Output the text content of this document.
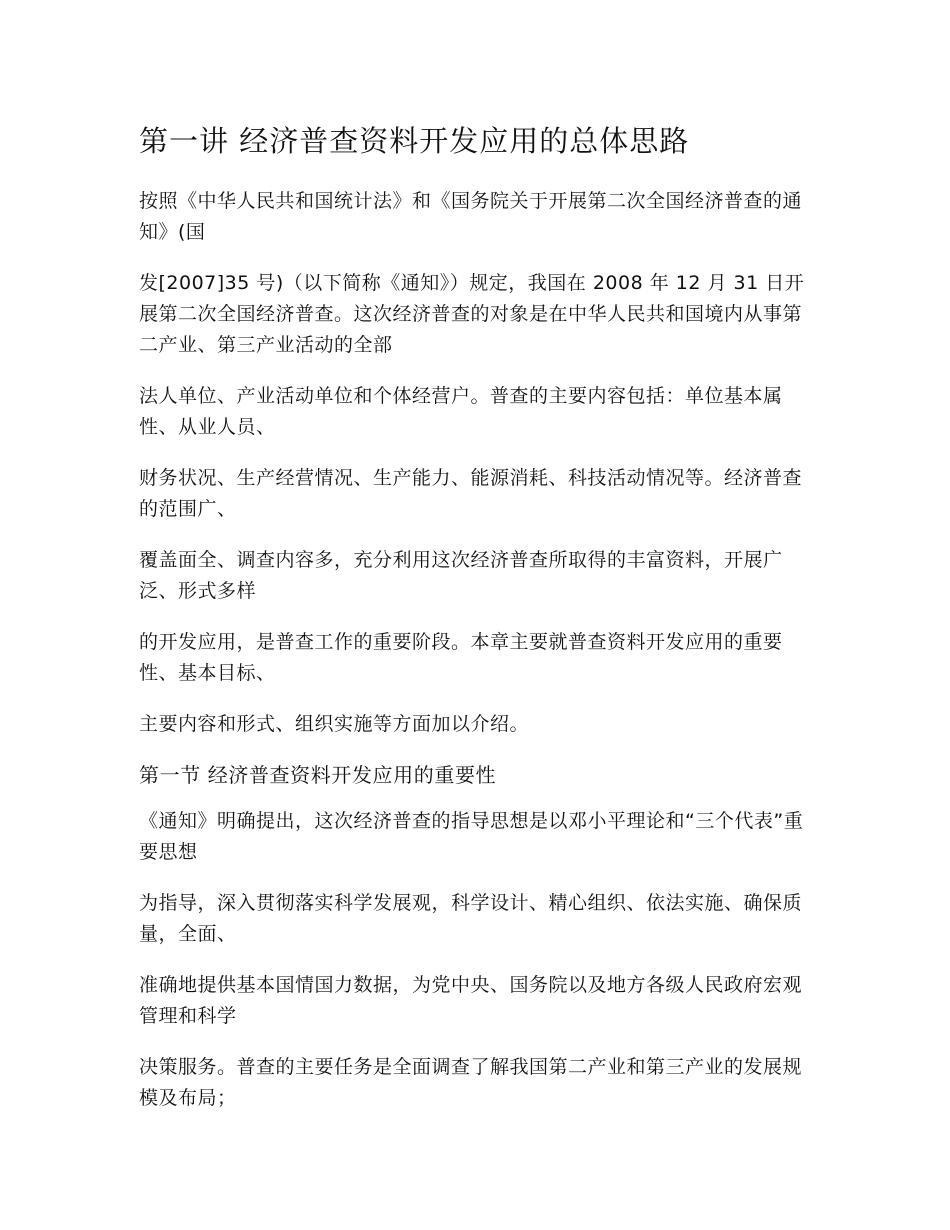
第一讲 经济普查资料开发应用的总体思路

按照《中华人民共和国统计法》和《国务院关于开展第二次全国经济普查的通知》(国

发[2007]35 号)（以下简称《通知》）规定，我国在 2008 年 12 月 31 日开展第二次全国经济普查。这次经济普查的对象是在中华人民共和国境内从事第二产业、第三产业活动的全部

法人单位、产业活动单位和个体经营户。普查的主要内容包括：单位基本属性、从业人员、

财务状况、生产经营情况、生产能力、能源消耗、科技活动情况等。经济普查的范围广、

覆盖面全、调查内容多，充分利用这次经济普查所取得的丰富资料，开展广泛、形式多样

的开发应用，是普查工作的重要阶段。本章主要就普查资料开发应用的重要性、基本目标、

主要内容和形式、组织实施等方面加以介绍。

第一节 经济普查资料开发应用的重要性

《通知》明确提出，这次经济普查的指导思想是以邓小平理论和“三个代表”重要思想

为指导，深入贯彻落实科学发展观，科学设计、精心组织、依法实施、确保质量，全面、

准确地提供基本国情国力数据，为党中央、国务院以及地方各级人民政府宏观管理和科学

决策服务。普查的主要任务是全面调查了解我国第二产业和第三产业的发展规模及布局；
